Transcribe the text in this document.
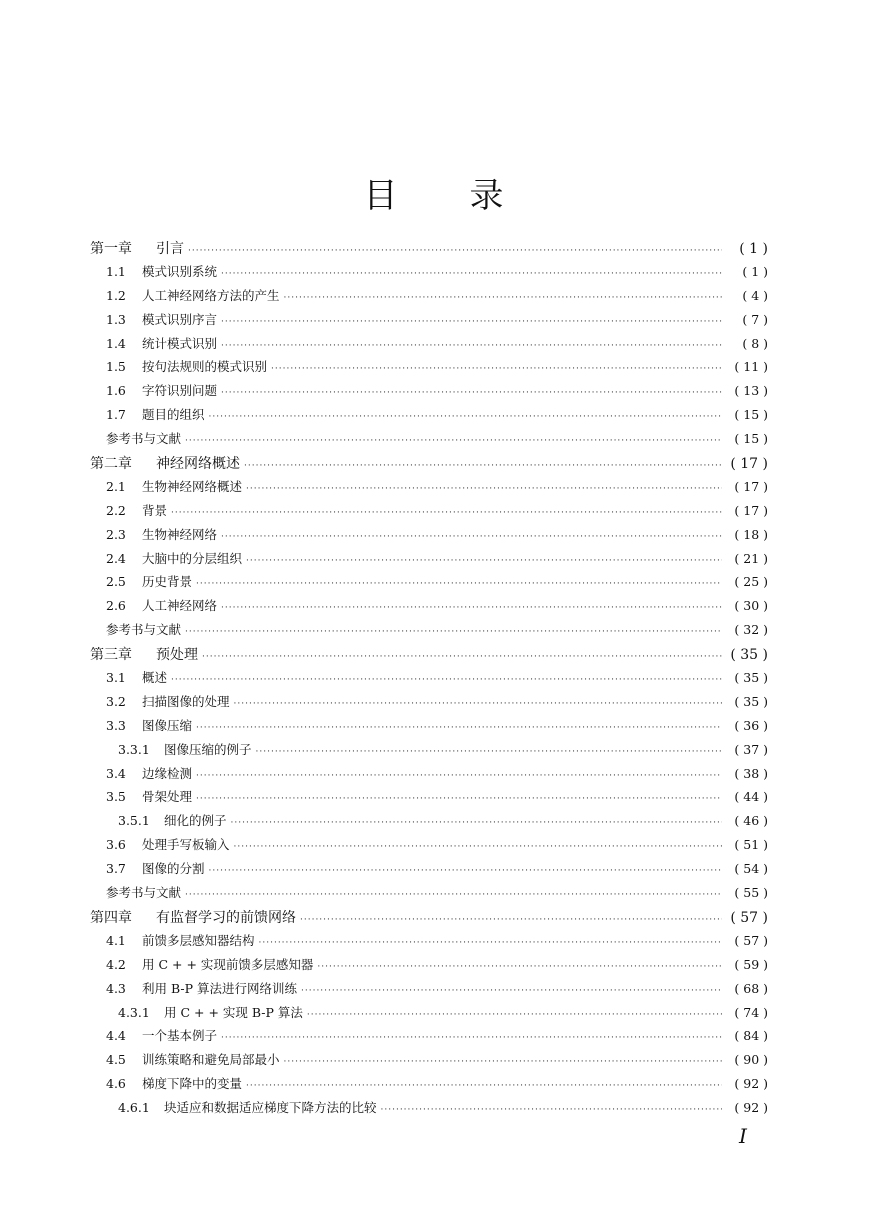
目 录
第一章	引言 ·····	( 1 )
1.1	模式识别系统 ·····	( 1 )
1.2	人工神经网络方法的产生 ·····	( 4 )
1.3	模式识别序言 ·····	( 7 )
1.4	统计模式识别 ·····	( 8 )
1.5	按句法规则的模式识别 ·····	( 11 )
1.6	字符识别问题 ·····	( 13 )
1.7	题目的组织 ·····	( 15 )
参考书与文献 ·····	( 15 )
第二章	神经网络概述 ·····	( 17 )
2.1	生物神经网络概述 ·····	( 17 )
2.2	背景 ·····	( 17 )
2.3	生物神经网络 ·····	( 18 )
2.4	大脑中的分层组织 ·····	( 21 )
2.5	历史背景 ·····	( 25 )
2.6	人工神经网络 ·····	( 30 )
参考书与文献 ·····	( 32 )
第三章	预处理 ·····	( 35 )
3.1	概述 ·····	( 35 )
3.2	扫描图像的处理 ·····	( 35 )
3.3	图像压缩 ·····	( 36 )
3.3.1	图像压缩的例子 ·····	( 37 )
3.4	边缘检测 ·····	( 38 )
3.5	骨架处理 ·····	( 44 )
3.5.1	细化的例子 ·····	( 46 )
3.6	处理手写板输入 ·····	( 51 )
3.7	图像的分割 ·····	( 54 )
参考书与文献 ·····	( 55 )
第四章	有监督学习的前馈网络 ·····	( 57 )
4.1	前馈多层感知器结构 ·····	( 57 )
4.2	用 C + + 实现前馈多层感知器 ·····	( 59 )
4.3	利用 B-P 算法进行网络训练 ·····	( 68 )
4.3.1	用 C + + 实现 B-P 算法 ·····	( 74 )
4.4	一个基本例子 ·····	( 84 )
4.5	训练策略和避免局部最小 ·····	( 90 )
4.6	梯度下降中的变量 ·····	( 92 )
4.6.1	块适应和数据适应梯度下降方法的比较 ·····	( 92 )
I
